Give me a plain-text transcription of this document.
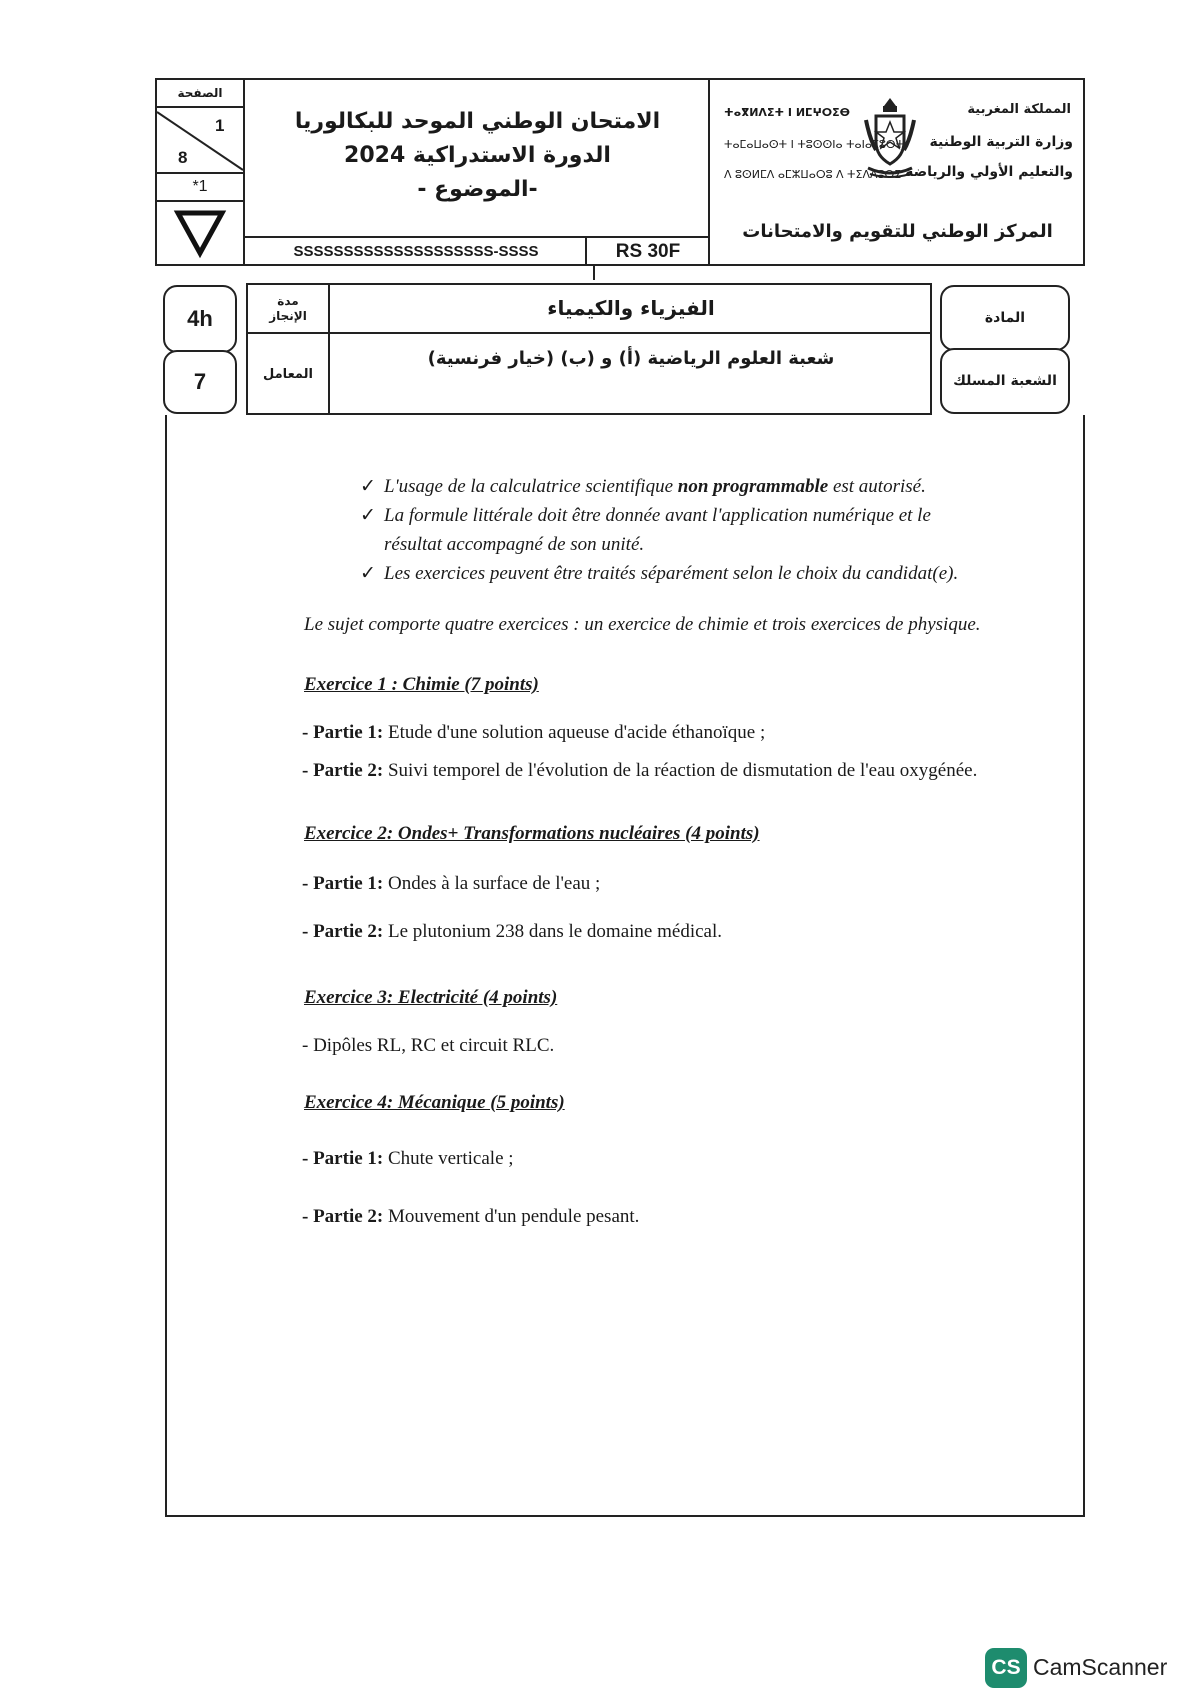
الصفحة
1
8
*1
الامتحان الوطني الموحد للبكالوريا
الدورة الاستدراكية 2024
-الموضوع -
SSSSSSSSSSSSSSSSSSSS-SSSS	RS 30F
ⵜⴰⴳⵍⴷⵉⵜ ⵏ ⵍⵎⵖⵔⵉⴱ
ⵜⴰⵎⴰⵡⴰⵙⵜ ⵏ ⵜⵓⵙⵙⵏⴰ ⵜⴰⵏⴰⵎⵓⵔⵜ
ⴷ ⵓⵙⵍⵎⴷ ⴰⵎⵣⵡⴰⵔⵓ ⴷ ⵜⵉⴷⴷⵓⵙⵉ
المملكة المغربية
وزارة التربية الوطنية
والتعليم الأولي والرياضة
المركز الوطني للتقويم والامتحانات
4h
7
مدة الإنجاز
المعامل
الفيزياء والكيمياء
شعبة العلوم الرياضية (أ) و (ب) (خيار فرنسية)
المادة
الشعبة المسلك
✓ L'usage de la calculatrice scientifique non programmable est autorisé.
✓ La formule littérale doit être donnée avant l'application numérique et le
résultat accompagné de son unité.
✓ Les exercices peuvent être traités séparément selon le choix du candidat(e).
Le sujet comporte quatre exercices : un exercice de chimie et trois exercices de physique.
Exercice 1 : Chimie (7 points)
- Partie 1: Etude d'une solution aqueuse d'acide éthanoïque ;
- Partie 2: Suivi temporel de l'évolution de la réaction de dismutation de l'eau oxygénée.
Exercice 2: Ondes+ Transformations nucléaires (4 points)
- Partie 1: Ondes à la surface de l'eau ;
- Partie 2: Le plutonium 238 dans le domaine médical.
Exercice 3: Electricité (4 points)
- Dipôles RL, RC et circuit RLC.
Exercice 4: Mécanique (5 points)
- Partie 1: Chute verticale ;
- Partie 2: Mouvement d'un pendule pesant.
CS CamScanner
